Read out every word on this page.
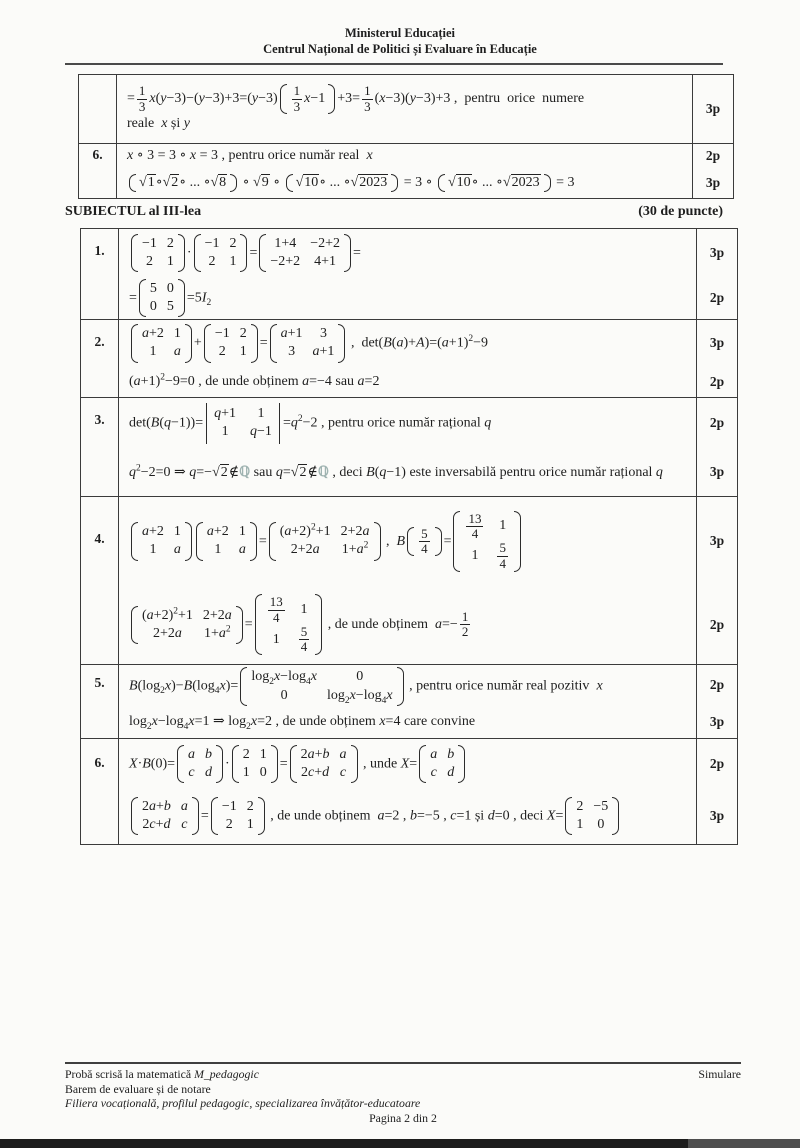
Ministerul Educației
Centrul Național de Politici și Evaluare în Educație
= $\frac{1}{3} x(y-3)-(y-3)+3=(y-3)$
1
3 $x -1 +3= \frac{1}{3} (x-3)(y-3)+3$ ,  pentru  orice  numere
reale  x și y
3p
6.	x ∘ 3 = 3 ∘ x = 3 , pentru orice număr real  x	2p
√1 ∘ √2 ∘ ... ∘ √8 ∘ √9 ∘ √10 ∘ ... ∘ √2023 = 3 ∘ √10 ∘ ... ∘ √2023 = 3	3p
SUBIECTUL al III-lea	(30 de puncte)
1.	−1 2
2 1
·
−1 2
2 1
=
1+4 −2+2
−2+2 4+1
=	3p
=
5 0
0 5
$=5I_2$	2p
2.
a+2 1
1 a
+
−1 2
2 1
=
a+1 3
3 a+1
,  $\det(B(a)+A)=(a+1)^2-9$	3p
$(a+1)^2-9=0$ , de unde obținem a=−4 sau a=2	2p
3.	det(B(q−1))=
q+1 1
1 q−1
$=q^2-2$ , pentru orice număr rațional q	2p
$q^2-2=0$ ⇒ q=−√2∉ℚ sau q=√2∉ℚ , deci B(q−1) este inversabilă pentru orice număr rațional q	3p
4.	a+2 1
1 a
a+2 1
1 a
=
$(a+2)^2+1$ 2+2a
2+2a $1+a^2$ ,  B
5
$4 = \frac{13}{4} 1$
$1 \frac{5}{4}$
3p
$(a+2)^2+1$ 2+2a
2+2a $1+a^2 = \frac{13}{4} 1$
$1 \frac{5}{4}$
, de unde obținem  $a=- \frac{1}{2}$	2p
5.	$B(\log_2x)-B(\log_4x)=$
$\log_2x-\log_4x$	0
0	$\log_2x-\log_4x$
, pentru orice număr real pozitiv  x	2p
$\log_2x-\log_4x=1$ ⇒ $\log_2x=2$ , de unde obținem x=4 care convine	3p
6.	X·B(0)=
a b
c d
·
2 1
1 0
=
2a+b a
2c+d c
, unde X=
a b
c d
2p
2a+b a
2c+d c
=
−1 2
2 1
, de unde obținem  a=2 , b=−5 , c=1 și d=0 , deci X=
2 −5
1 0
3p
Probă scrisă la matematică M_pedagogic	Simulare
Barem de evaluare și de notare
Filiera vocațională, profilul pedagogic, specializarea învățător-educatoare
Pagina 2 din 2
